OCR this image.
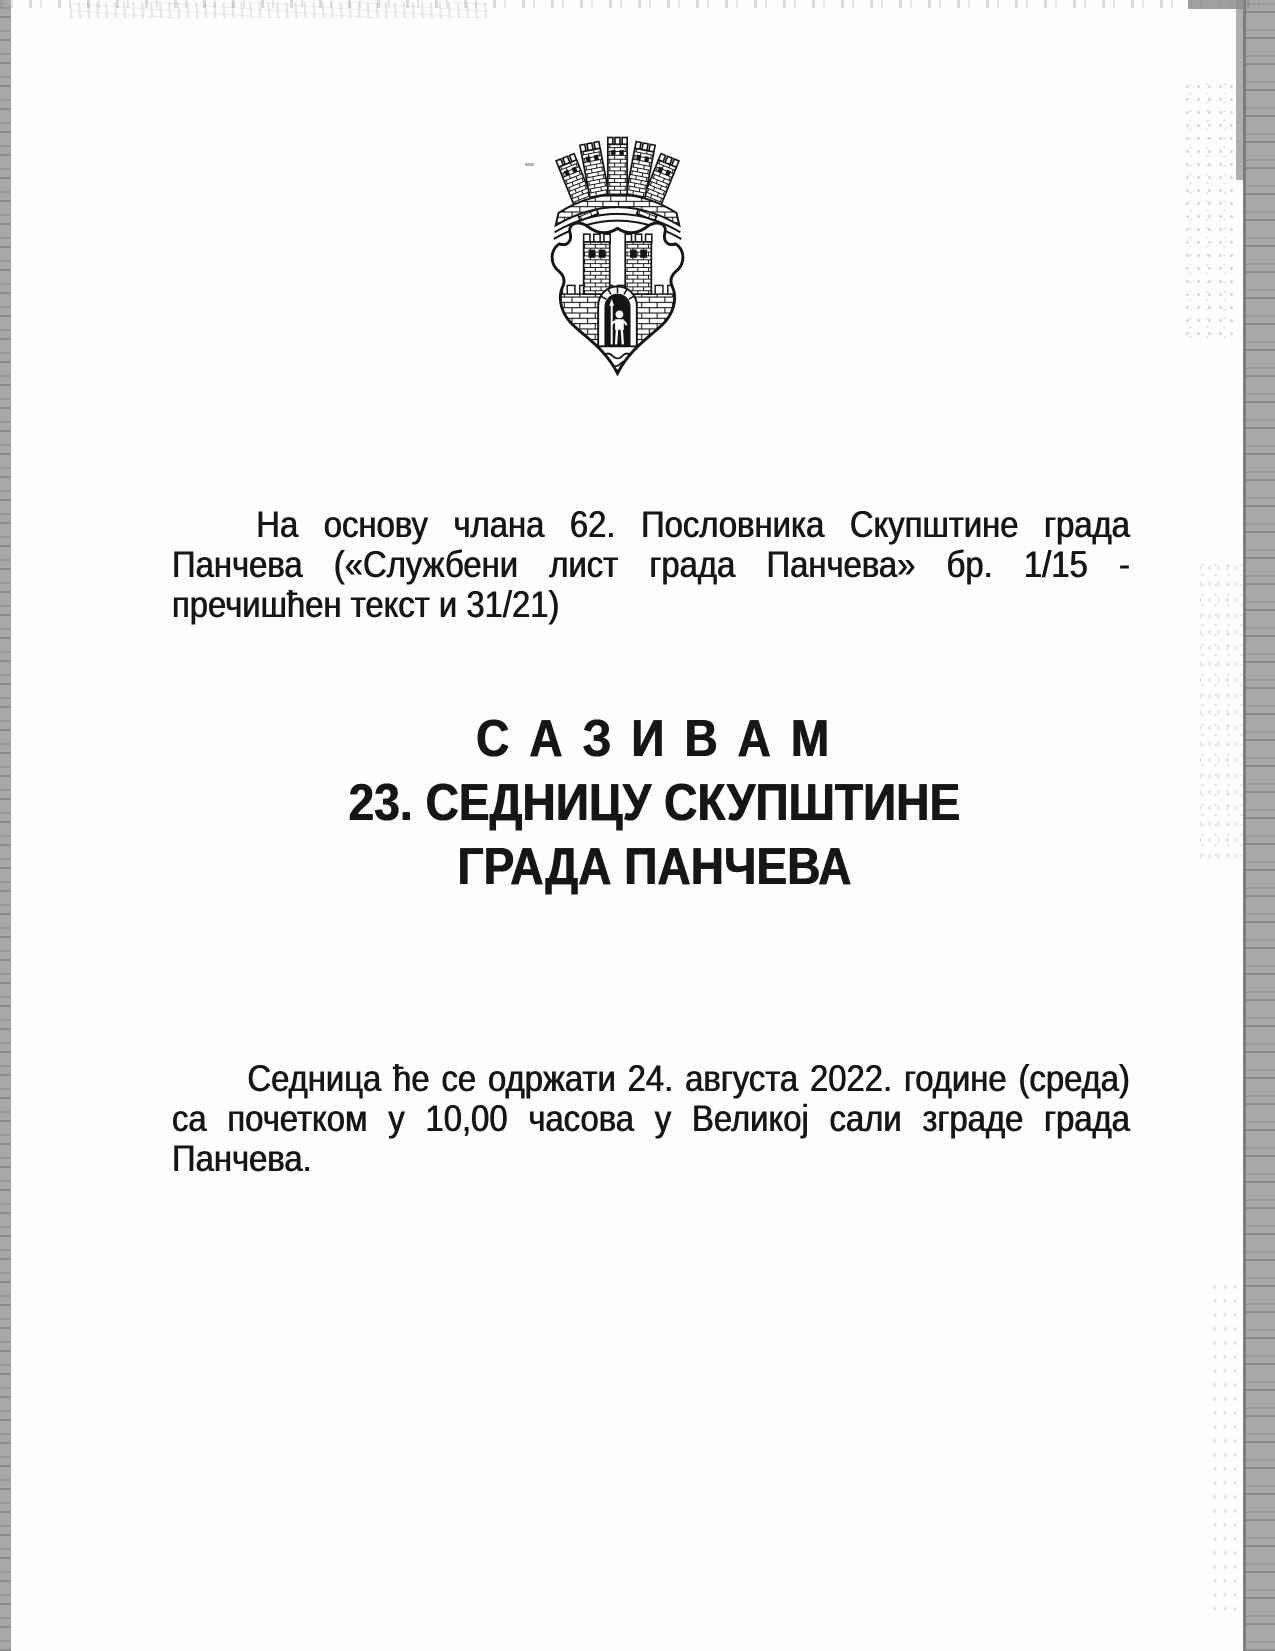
На основу члана 62. Пословника Скупштине града
Панчева («Службени лист града Панчева» бр. 1/15 -
пречишћен текст и 31/21)
С А З И В А М
23. СЕДНИЦУ СКУПШТИНЕ
ГРАДА ПАНЧЕВА
Седница ће се одржати 24. августа 2022. године (среда)
са почетком у 10,00 часова у Великој сали зграде града
Панчева.
